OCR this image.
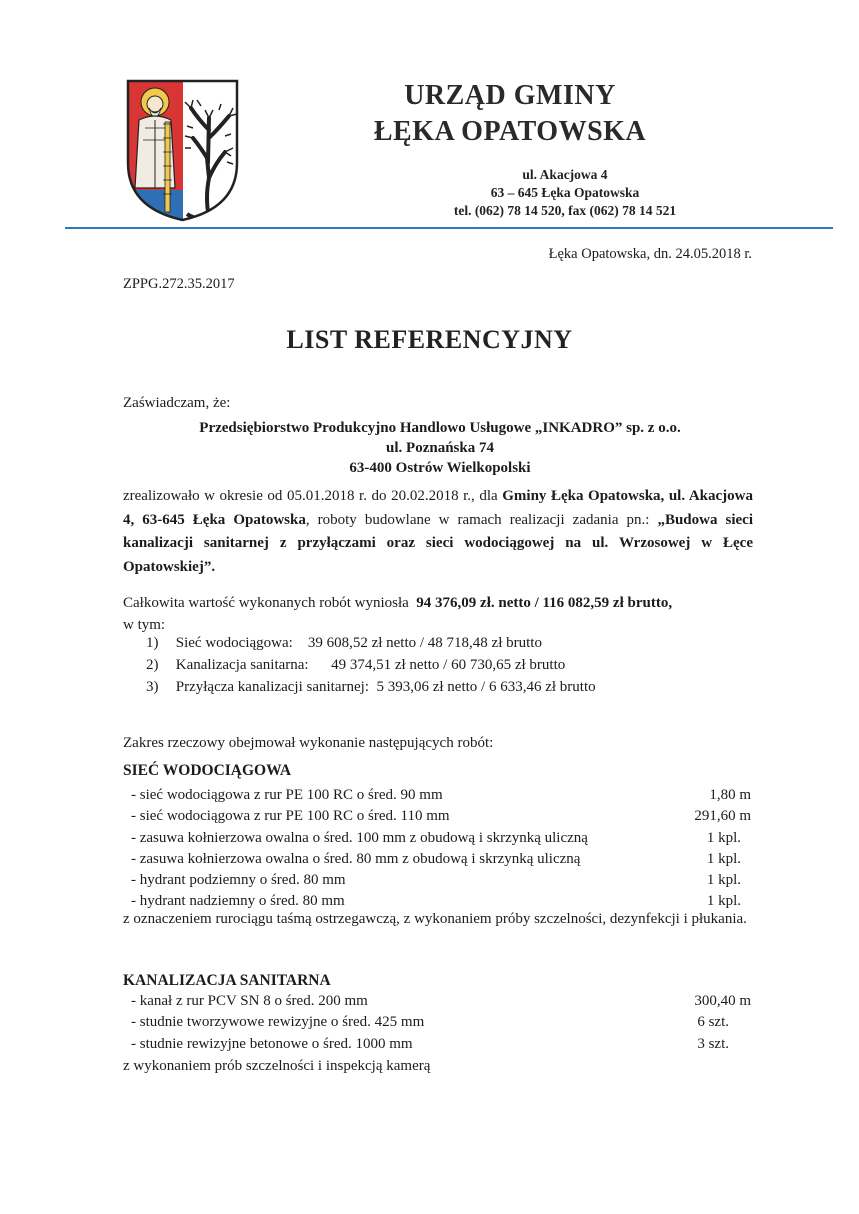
URZĄD GMINY
ŁĘKA OPATOWSKA
ul. Akacjowa 4
63 – 645 Łęka Opatowska
tel. (062) 78 14 520, fax (062) 78 14 521
Łęka Opatowska, dn. 24.05.2018 r.
ZPPG.272.35.2017
LIST REFERENCYJNY
Zaświadczam, że:
Przedsiębiorstwo Produkcyjno Handlowo Usługowe „INKADRO” sp. z o.o.
ul. Poznańska 74
63-400 Ostrów Wielkopolski
zrealizowało w okresie od 05.01.2018 r. do 20.02.2018 r., dla Gminy Łęka Opatowska, ul. Akacjowa 4, 63-645 Łęka Opatowska, roboty budowlane w ramach realizacji zadania pn.: „Budowa sieci kanalizacji sanitarnej z przyłączami oraz sieci wodociągowej na ul. Wrzosowej w Łęce Opatowskiej”.
Całkowita wartość wykonanych robót wyniosła 94 376,09 zł. netto / 116 082,59 zł brutto,
w tym:
1) Sieć wodociągowa: 39 608,52 zł netto / 48 718,48 zł brutto
2) Kanalizacja sanitarna: 49 374,51 zł netto / 60 730,65 zł brutto
3) Przyłącza kanalizacji sanitarnej: 5 393,06 zł netto / 6 633,46 zł brutto
Zakres rzeczowy obejmował wykonanie następujących robót:
SIEĆ WODOCIĄGOWA
- sieć wodociągowa z rur PE 100 RC o śred. 90 mm	1,80 m
- sieć wodociągowa z rur PE 100 RC o śred. 110 mm	291,60 m
- zasuwa kołnierzowa owalna o śred. 100 mm z obudową i skrzynką uliczną	1 kpl.
- zasuwa kołnierzowa owalna o śred. 80 mm z obudową i skrzynką uliczną	1 kpl.
- hydrant podziemny o śred. 80 mm	1 kpl.
- hydrant nadziemny o śred. 80 mm	1 kpl.
z oznaczeniem rurociągu taśmą ostrzegawczą, z wykonaniem próby szczelności, dezynfekcji i płukania.
KANALIZACJA SANITARNA
- kanał z rur PCV SN 8 o śred. 200 mm	300,40 m
- studnie tworzywowe rewizyjne o śred. 425 mm	6 szt.
- studnie rewizyjne betonowe o śred. 1000 mm	3 szt.
z wykonaniem prób szczelności i inspekcją kamerą
